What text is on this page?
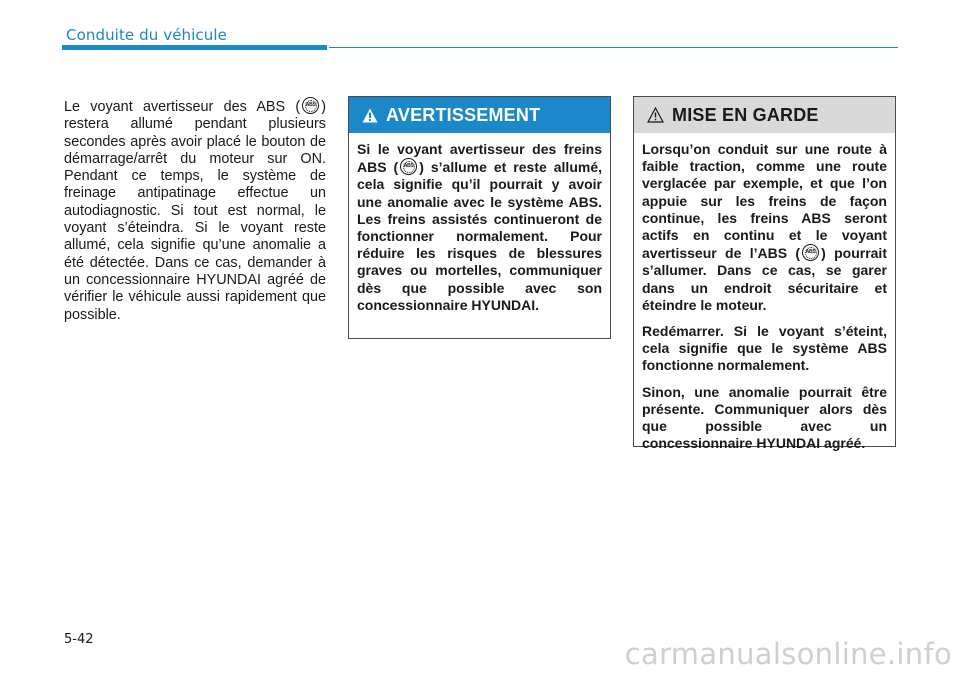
Conduite du véhicule

Le voyant avertisseur des ABS (	ABS ) restera allumé pendant plusieurs secondes après avoir placé le bouton de démarrage/arrêt du moteur sur ON. Pendant ce temps, le système de freinage antipatinage effectue un autodiagnostic. Si tout est normal, le voyant s’éteindra. Si le voyant reste allumé, cela signifie qu’une anomalie a été détectée. Dans ce cas, demander à un concessionnaire HYUNDAI agréé de vérifier le véhicule aussi rapidement que possible.

AVERTISSEMENT

Si le voyant avertisseur des freins ABS (	ABS ) s’allume et reste allumé, cela signifie qu’il pourrait y avoir une anomalie avec le système ABS. Les freins assistés continueront de fonctionner normalement. Pour réduire les risques de blessures graves ou mortelles, communiquer dès que possible avec son concessionnaire HYUNDAI.

MISE EN GARDE

Lorsqu’on conduit sur une route à faible traction, comme une route verglacée par exemple, et que l’on appuie sur les freins de façon continue, les freins ABS seront actifs en continu et le voyant avertisseur de l’ABS (	ABS ) pourrait s’allumer. Dans ce cas, se garer dans un endroit sécuritaire et éteindre le moteur.

Redémarrer. Si le voyant s’éteint, cela signifie que le système ABS fonctionne normalement.

Sinon, une anomalie pourrait être présente. Communiquer alors dès que possible avec un concessionnaire HYUNDAI agréé.

5-42	carmanualsonline.info
